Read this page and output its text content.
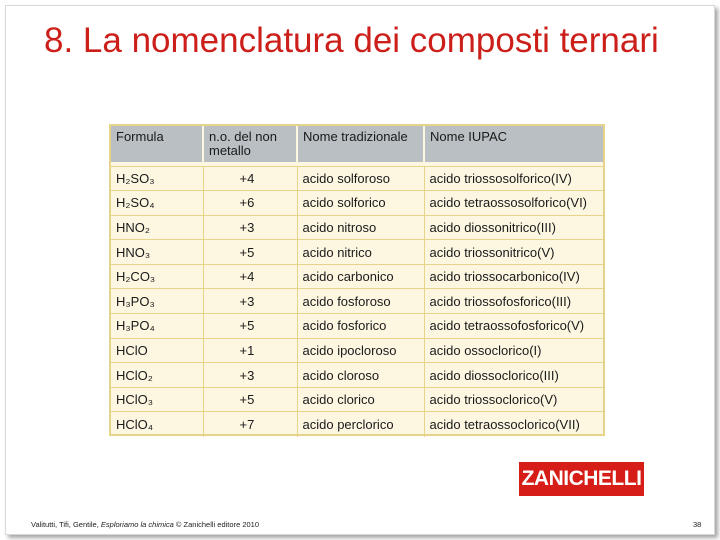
8. La nomenclatura dei composti ternari
Formula	n.o. del non metallo	Nome tradizionale	Nome IUPAC

H₂SO₃	+4	acido solforoso	acido triossosolforico(IV)
H₂SO₄	+6	acido solforico	acido tetraossosolforico(VI)
HNO₂	+3	acido nitroso	acido diossonitrico(III)
HNO₃	+5	acido nitrico	acido triossonitrico(V)
H₂CO₃	+4	acido carbonico	acido triossocarbonico(IV)
H₃PO₃	+3	acido fosforoso	acido triossofosforico(III)
H₃PO₄	+5	acido fosforico	acido tetraossofosforico(V)
HClO	+1	acido ipocloroso	acido ossoclorico(I)
HClO₂	+3	acido cloroso	acido diossoclorico(III)
HClO₃	+5	acido clorico	acido triossoclorico(V)
HClO₄	+7	acido perclorico	acido tetraossoclorico(VII)
ZANICHELLI
Valitutti, Tifi, Gentile, Esploriamo la chimica © Zanichelli editore 2010	38
